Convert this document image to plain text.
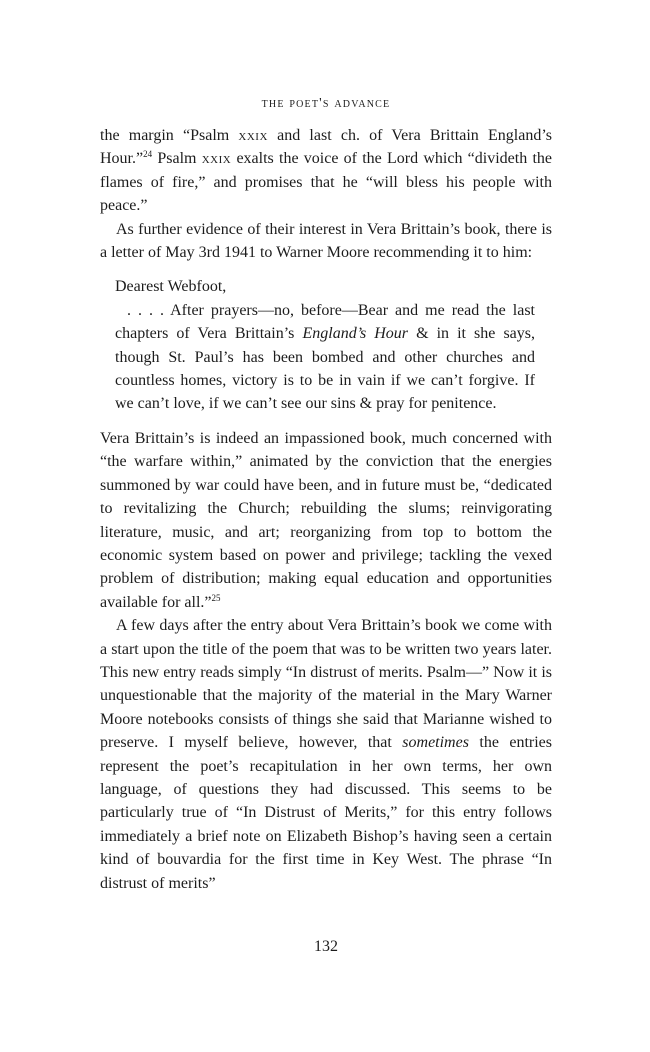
the poet's advance

the margin “Psalm xxix and last ch. of Vera Brittain England’s Hour.”$^{24}$ Psalm xxix exalts the voice of the Lord which “divideth the flames of fire,” and promises that he “will bless his people with peace.”

As further evidence of their interest in Vera Brittain’s book, there is a letter of May 3rd 1941 to Warner Moore recommending it to him:

Dearest Webfoot,

. . . . After prayers—no, before—Bear and me read the last chapters of Vera Brittain’s England’s Hour & in it she says, though St. Paul’s has been bombed and other churches and countless homes, victory is to be in vain if we can’t forgive. If we can’t love, if we can’t see our sins & pray for penitence.

Vera Brittain’s is indeed an impassioned book, much concerned with “the warfare within,” animated by the conviction that the energies summoned by war could have been, and in future must be, “dedicated to revitalizing the Church; rebuilding the slums; reinvigorating literature, music, and art; reorganizing from top to bottom the economic system based on power and privilege; tackling the vexed problem of distribution; making equal education and opportunities available for all.”$^{25}$

A few days after the entry about Vera Brittain’s book we come with a start upon the title of the poem that was to be written two years later. This new entry reads simply “In distrust of merits. Psalm—” Now it is unquestionable that the majority of the material in the Mary Warner Moore notebooks consists of things she said that Marianne wished to preserve. I myself believe, however, that sometimes the entries represent the poet’s recapitulation in her own terms, her own language, of questions they had discussed. This seems to be particularly true of “In Distrust of Merits,” for this entry follows immediately a brief note on Elizabeth Bishop’s having seen a certain kind of bouvardia for the first time in Key West. The phrase “In distrust of merits”

132
